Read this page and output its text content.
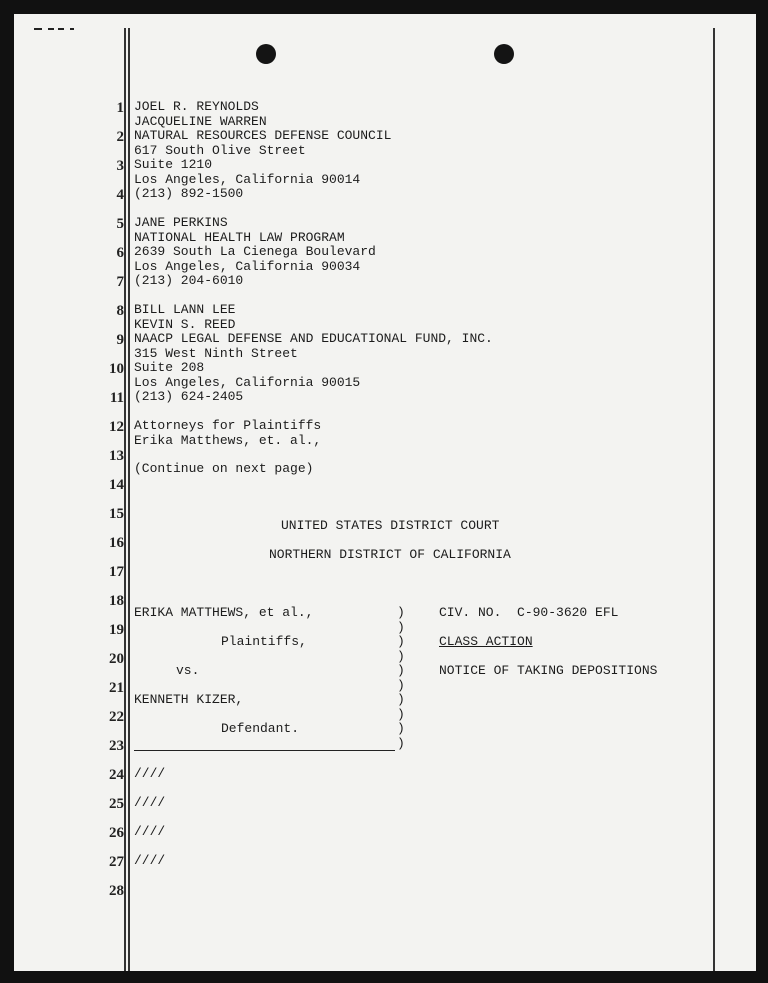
1
2
3
4
5
6
7
8
9
10
11
12
13
14
15
16
17
18
19
20
21
22
23
24
25
26
27
28
JOEL R. REYNOLDS
JACQUELINE WARREN
NATURAL RESOURCES DEFENSE COUNCIL
617 South Olive Street
Suite 1210
Los Angeles, California 90014
(213) 892-1500
JANE PERKINS
NATIONAL HEALTH LAW PROGRAM
2639 South La Cienega Boulevard
Los Angeles, California 90034
(213) 204-6010
BILL LANN LEE
KEVIN S. REED
NAACP LEGAL DEFENSE AND EDUCATIONAL FUND, INC.
315 West Ninth Street
Suite 208
Los Angeles, California 90015
(213) 624-2405
Attorneys for Plaintiffs
Erika Matthews, et. al.,
(Continue on next page)
UNITED STATES DISTRICT COURT
NORTHERN DISTRICT OF CALIFORNIA
ERIKA MATTHEWS, et al.,
Plaintiffs,
vs.
KENNETH KIZER,
Defendant.
)
)
)
)
)
)
)
)
)
)
CIV. NO.  C-90-3620 EFL
CLASS ACTION
NOTICE OF TAKING DEPOSITIONS
////
////
////
////
